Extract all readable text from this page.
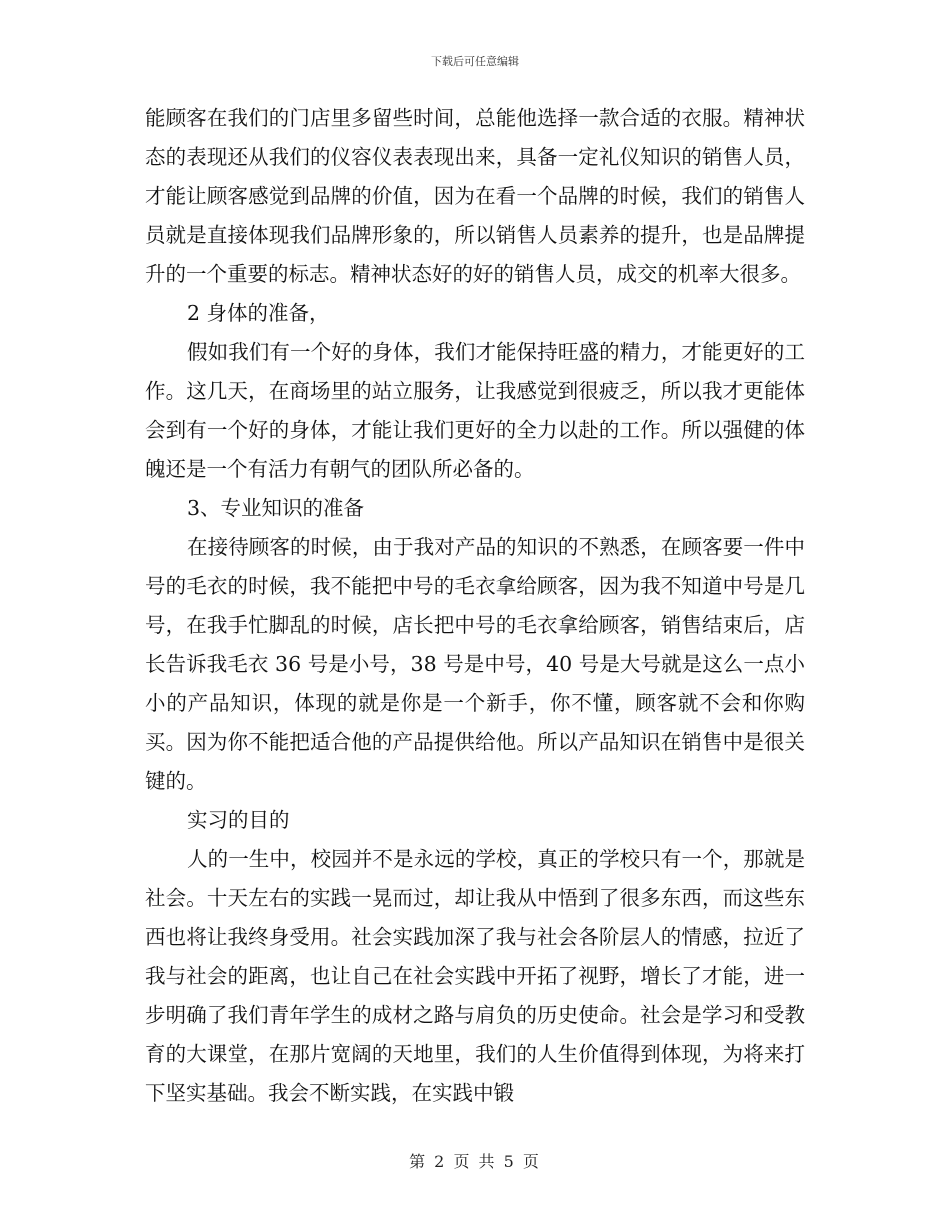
下载后可任意编辑

能顾客在我们的门店里多留些时间，总能他选择一款合适的衣服。精神状态的表现还从我们的仪容仪表表现出来，具备一定礼仪知识的销售人员，才能让顾客感觉到品牌的价值，因为在看一个品牌的时候，我们的销售人员就是直接体现我们品牌形象的，所以销售人员素养的提升，也是品牌提升的一个重要的标志。精神状态好的好的销售人员，成交的机率大很多。

2 身体的准备，

假如我们有一个好的身体，我们才能保持旺盛的精力，才能更好的工作。这几天，在商场里的站立服务，让我感觉到很疲乏，所以我才更能体会到有一个好的身体，才能让我们更好的全力以赴的工作。所以强健的体魄还是一个有活力有朝气的团队所必备的。

3、专业知识的准备

在接待顾客的时候，由于我对产品的知识的不熟悉，在顾客要一件中号的毛衣的时候，我不能把中号的毛衣拿给顾客，因为我不知道中号是几号，在我手忙脚乱的时候，店长把中号的毛衣拿给顾客，销售结束后，店长告诉我毛衣 36 号是小号，38 号是中号，40 号是大号就是这么一点小小的产品知识，体现的就是你是一个新手，你不懂，顾客就不会和你购买。因为你不能把适合他的产品提供给他。所以产品知识在销售中是很关键的。

实习的目的

人的一生中，校园并不是永远的学校，真正的学校只有一个，那就是社会。十天左右的实践一晃而过，却让我从中悟到了很多东西，而这些东西也将让我终身受用。社会实践加深了我与社会各阶层人的情感，拉近了我与社会的距离，也让自己在社会实践中开拓了视野，增长了才能，进一步明确了我们青年学生的成材之路与肩负的历史使命。社会是学习和受教育的大课堂，在那片宽阔的天地里，我们的人生价值得到体现，为将来打下坚实基础。我会不断实践，在实践中锻

第 2 页 共 5 页
